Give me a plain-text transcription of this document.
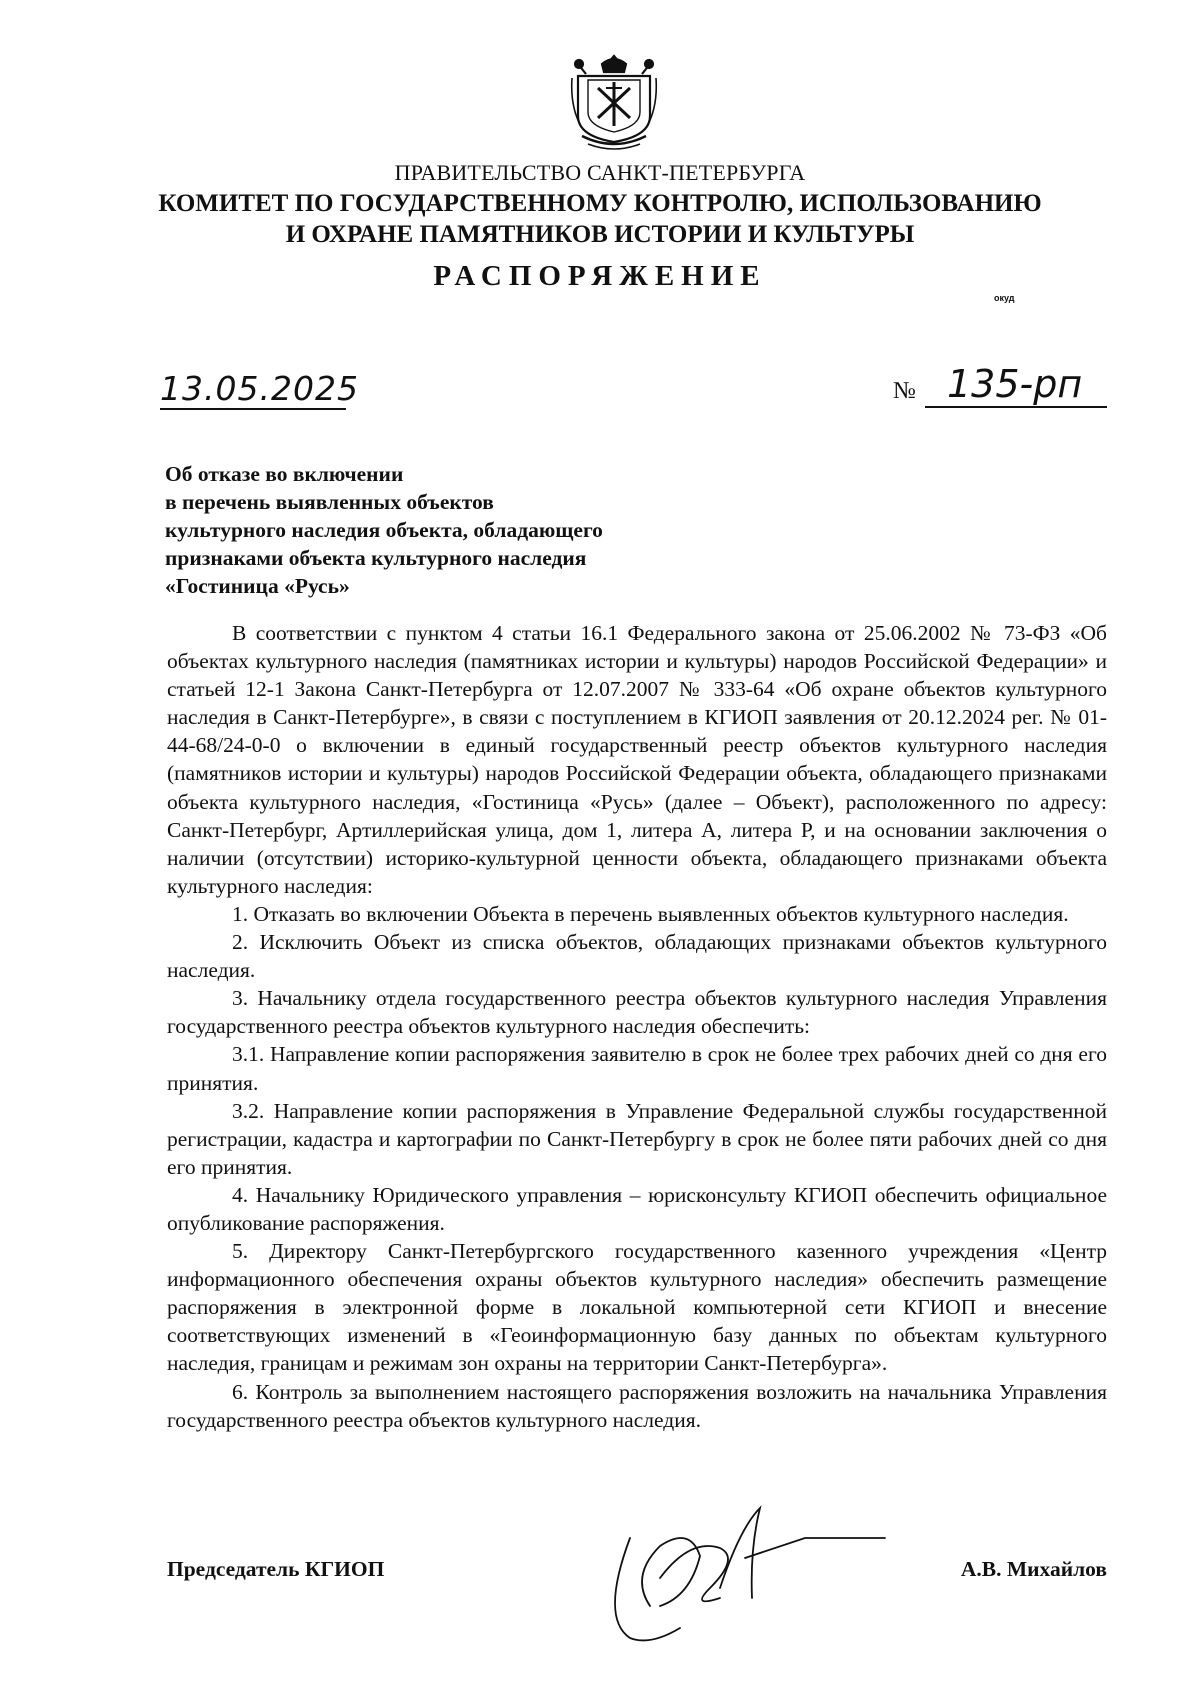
ПРАВИТЕЛЬСТВО САНКТ-ПЕТЕРБУРГА
КОМИТЕТ ПО ГОСУДАРСТВЕННОМУ КОНТРОЛЮ, ИСПОЛЬЗОВАНИЮ
И ОХРАНЕ ПАМЯТНИКОВ ИСТОРИИ И КУЛЬТУРЫ
РАСПОРЯЖЕНИЕ
окуд
13.05.2025	№ 135-рп
Об отказе во включении
в перечень выявленных объектов
культурного наследия объекта, обладающего
признаками объекта культурного наследия
«Гостиница «Русь»

В соответствии с пунктом 4 статьи 16.1 Федерального закона от 25.06.2002 № 73-ФЗ «Об объектах культурного наследия (памятниках истории и культуры) народов Российской Федерации» и статьей 12-1 Закона Санкт-Петербурга от 12.07.2007 № 333-64 «Об охране объектов культурного наследия в Санкт-Петербурге», в связи с поступлением в КГИОП заявления от 20.12.2024 рег. № 01-44-68/24-0-0 о включении в единый государственный реестр объектов культурного наследия (памятников истории и культуры) народов Российской Федерации объекта, обладающего признаками объекта культурного наследия, «Гостиница «Русь» (далее – Объект), расположенного по адресу: Санкт-Петербург, Артиллерийская улица, дом 1, литера А, литера Р, и на основании заключения о наличии (отсутствии) историко-культурной ценности объекта, обладающего признаками объекта культурного наследия:

1. Отказать во включении Объекта в перечень выявленных объектов культурного наследия.

2. Исключить Объект из списка объектов, обладающих признаками объектов культурного наследия.

3. Начальнику отдела государственного реестра объектов культурного наследия Управления государственного реестра объектов культурного наследия обеспечить:

3.1. Направление копии распоряжения заявителю в срок не более трех рабочих дней со дня его принятия.

3.2. Направление копии распоряжения в Управление Федеральной службы государственной регистрации, кадастра и картографии по Санкт-Петербургу в срок не более пяти рабочих дней со дня его принятия.

4. Начальнику Юридического управления – юрисконсульту КГИОП обеспечить официальное опубликование распоряжения.

5. Директору Санкт-Петербургского государственного казенного учреждения «Центр информационного обеспечения охраны объектов культурного наследия» обеспечить размещение распоряжения в электронной форме в локальной компьютерной сети КГИОП и внесение соответствующих изменений в «Геоинформационную базу данных по объектам культурного наследия, границам и режимам зон охраны на территории Санкт-Петербурга».

6. Контроль за выполнением настоящего распоряжения возложить на начальника Управления государственного реестра объектов культурного наследия.

Председатель КГИОП	А.В. Михайлов
